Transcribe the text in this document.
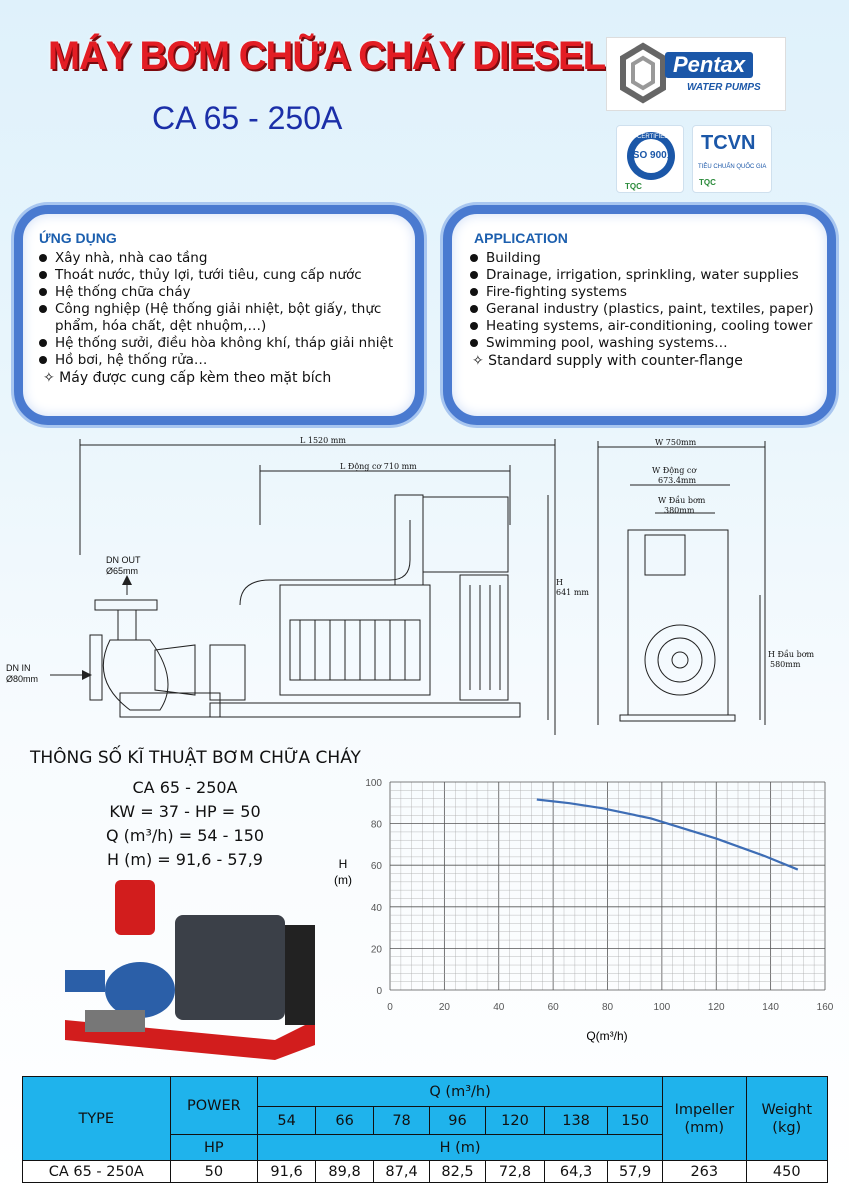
MÁY BƠM CHỮA CHÁY DIESEL
CA 65 - 250A
Pentax
WATER PUMPS
ISO 9001
CERTIFIED
TQC
TCVN
TIÊU CHUẨN QUỐC GIA
TQC
ỨNG DỤNG
Xây nhà, nhà cao tầng
Thoát nước, thủy lợi, tưới tiêu, cung cấp nước
Hệ thống chữa cháy
Công nghiệp (Hệ thống giải nhiệt, bột giấy, thực phẩm, hóa chất, dệt nhuộm,…)
Hệ thống sưởi, điều hòa không khí, tháp giải nhiệt
Hồ bơi, hệ thống rửa…
✧ Máy được cung cấp kèm theo mặt bích
APPLICATION
Building
Drainage, irrigation, sprinkling, water supplies
Fire-fighting systems
Geranal industry (plastics, paint, textiles, paper)
Heating systems, air-conditioning, cooling tower
Swimming pool, washing systems…
✧ Standard supply with counter-flange
L 1520 mm
L Động cơ 710 mm
H 641 mm
DN OUT Ø65mm
DN IN Ø80mm
W 750mm
W Động cơ 673.4mm
W Đầu bơm 380mm
H Đầu bơm 580mm
THÔNG SỐ KĨ THUẬT BƠM CHỮA CHÁY
CA 65 - 250A
KW = 37 - HP = 50
Q (m³/h) = 54 - 150
H (m) = 91,6 - 57,9
0	20	40	60	80	100	120	140	160
0
20
40
60
80
100
H (m)
Q(m³/h)
TYPE	POWER	Q (m³/h)							Impeller
(mm)	Weight
(kg)
		54	66	78	96	120	138	150		
	HP	H (m)								
CA 65 - 250A	50	91,6	89,8	87,4	82,5	72,8	64,3	57,9	263	450
